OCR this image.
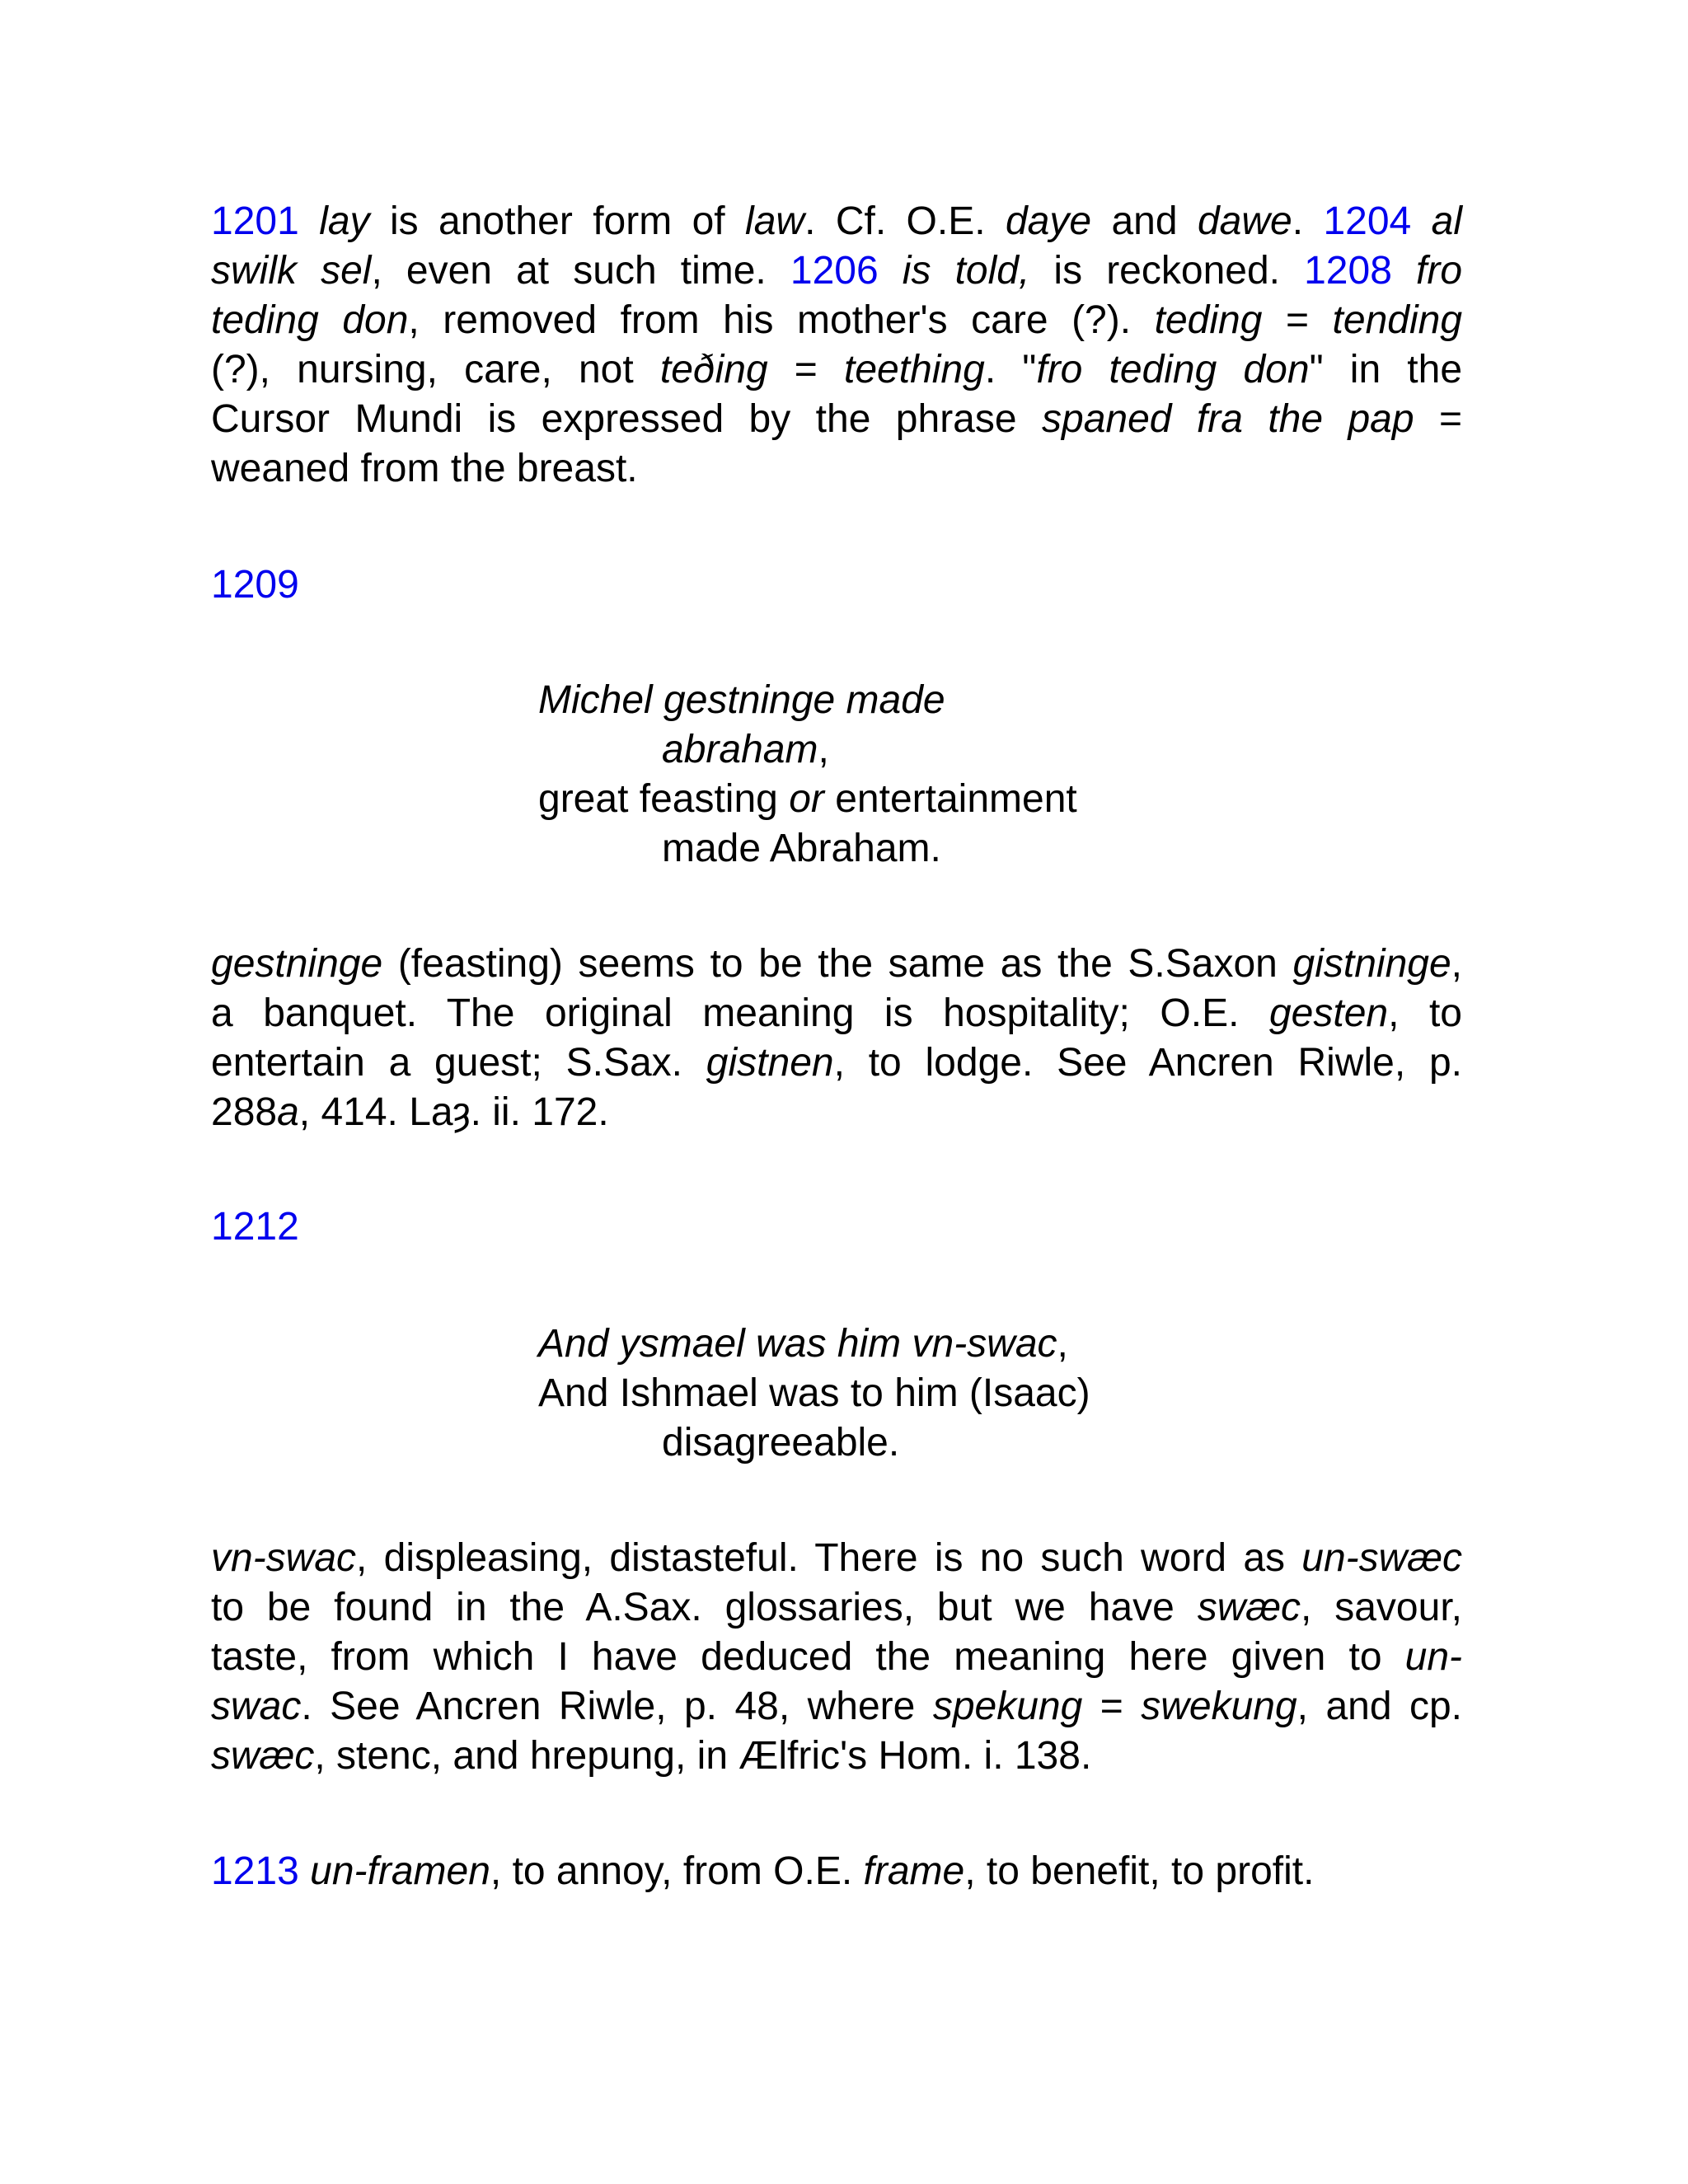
1201 lay is another form of law. Cf. O.E. daye and dawe. 1204 al
swilk sel, even at such time. 1206 is told, is reckoned. 1208 fro
teding don, removed from his mother's care (?). teding = tending
(?), nursing, care, not teðing = teething. "fro teding don" in the
Cursor Mundi is expressed by the phrase spaned fra the pap =
weaned from the breast.
1209
Michel gestninge made
abraham,
great feasting or entertainment
made Abraham.
gestninge (feasting) seems to be the same as the S.Saxon gistninge,
a banquet. The original meaning is hospitality; O.E. gesten, to
entertain a guest; S.Sax. gistnen, to lodge. See Ancren Riwle, p.
288a, 414. Laȝ. ii. 172.
1212
And ysmael was him vn-swac,
And Ishmael was to him (Isaac)
disagreeable.
vn-swac, displeasing, distasteful. There is no such word as un-swæc
to be found in the A.Sax. glossaries, but we have swæc, savour,
taste, from which I have deduced the meaning here given to un-
swac. See Ancren Riwle, p. 48, where spekung = swekung, and cp.
swæc, stenc, and hrepung, in Ælfric's Hom. i. 138.
1213 un-framen, to annoy, from O.E. frame, to benefit, to profit.
